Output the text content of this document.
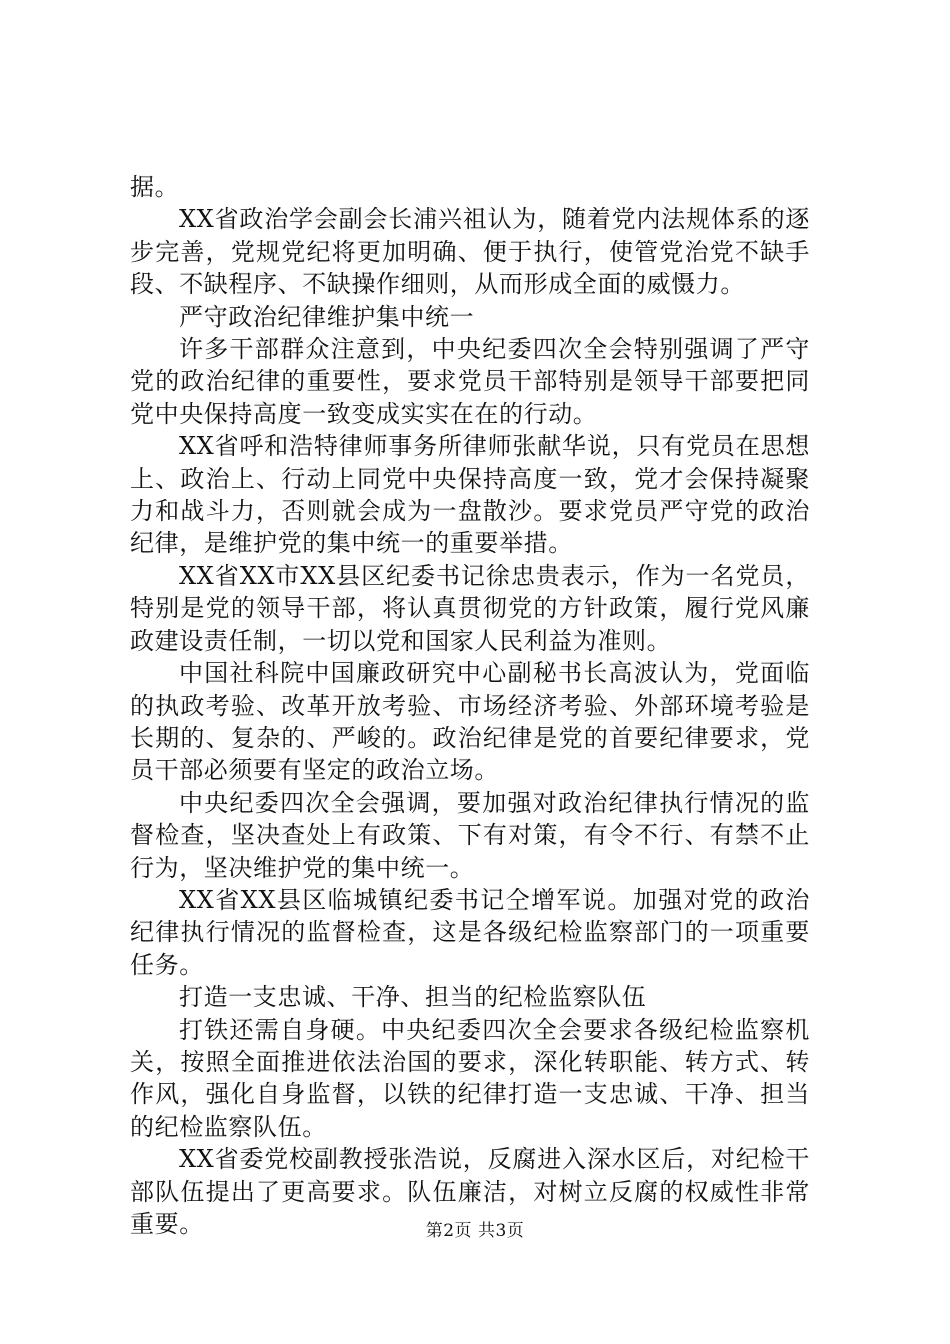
据。

XX省政治学会副会长浦兴祖认为，随着党内法规体系的逐步完善，党规党纪将更加明确、便于执行，使管党治党不缺手段、不缺程序、不缺操作细则，从而形成全面的威慑力。

严守政治纪律维护集中统一

许多干部群众注意到，中央纪委四次全会特别强调了严守党的政治纪律的重要性，要求党员干部特别是领导干部要把同党中央保持高度一致变成实实在在的行动。

XX省呼和浩特律师事务所律师张献华说，只有党员在思想上、政治上、行动上同党中央保持高度一致，党才会保持凝聚力和战斗力，否则就会成为一盘散沙。要求党员严守党的政治纪律，是维护党的集中统一的重要举措。

XX省XX市XX县区纪委书记徐忠贵表示，作为一名党员，特别是党的领导干部，将认真贯彻党的方针政策，履行党风廉政建设责任制，一切以党和国家人民利益为准则。

中国社科院中国廉政研究中心副秘书长高波认为，党面临的执政考验、改革开放考验、市场经济考验、外部环境考验是长期的、复杂的、严峻的。政治纪律是党的首要纪律要求，党员干部必须要有坚定的政治立场。

中央纪委四次全会强调，要加强对政治纪律执行情况的监督检查，坚决查处上有政策、下有对策，有令不行、有禁不止行为，坚决维护党的集中统一。

XX省XX县区临城镇纪委书记仝增军说。加强对党的政治纪律执行情况的监督检查，这是各级纪检监察部门的一项重要任务。

打造一支忠诚、干净、担当的纪检监察队伍

打铁还需自身硬。中央纪委四次全会要求各级纪检监察机关，按照全面推进依法治国的要求，深化转职能、转方式、转作风，强化自身监督，以铁的纪律打造一支忠诚、干净、担当的纪检监察队伍。

XX省委党校副教授张浩说，反腐进入深水区后，对纪检干部队伍提出了更高要求。队伍廉洁，对树立反腐的权威性非常重要。	第2页 共3页
